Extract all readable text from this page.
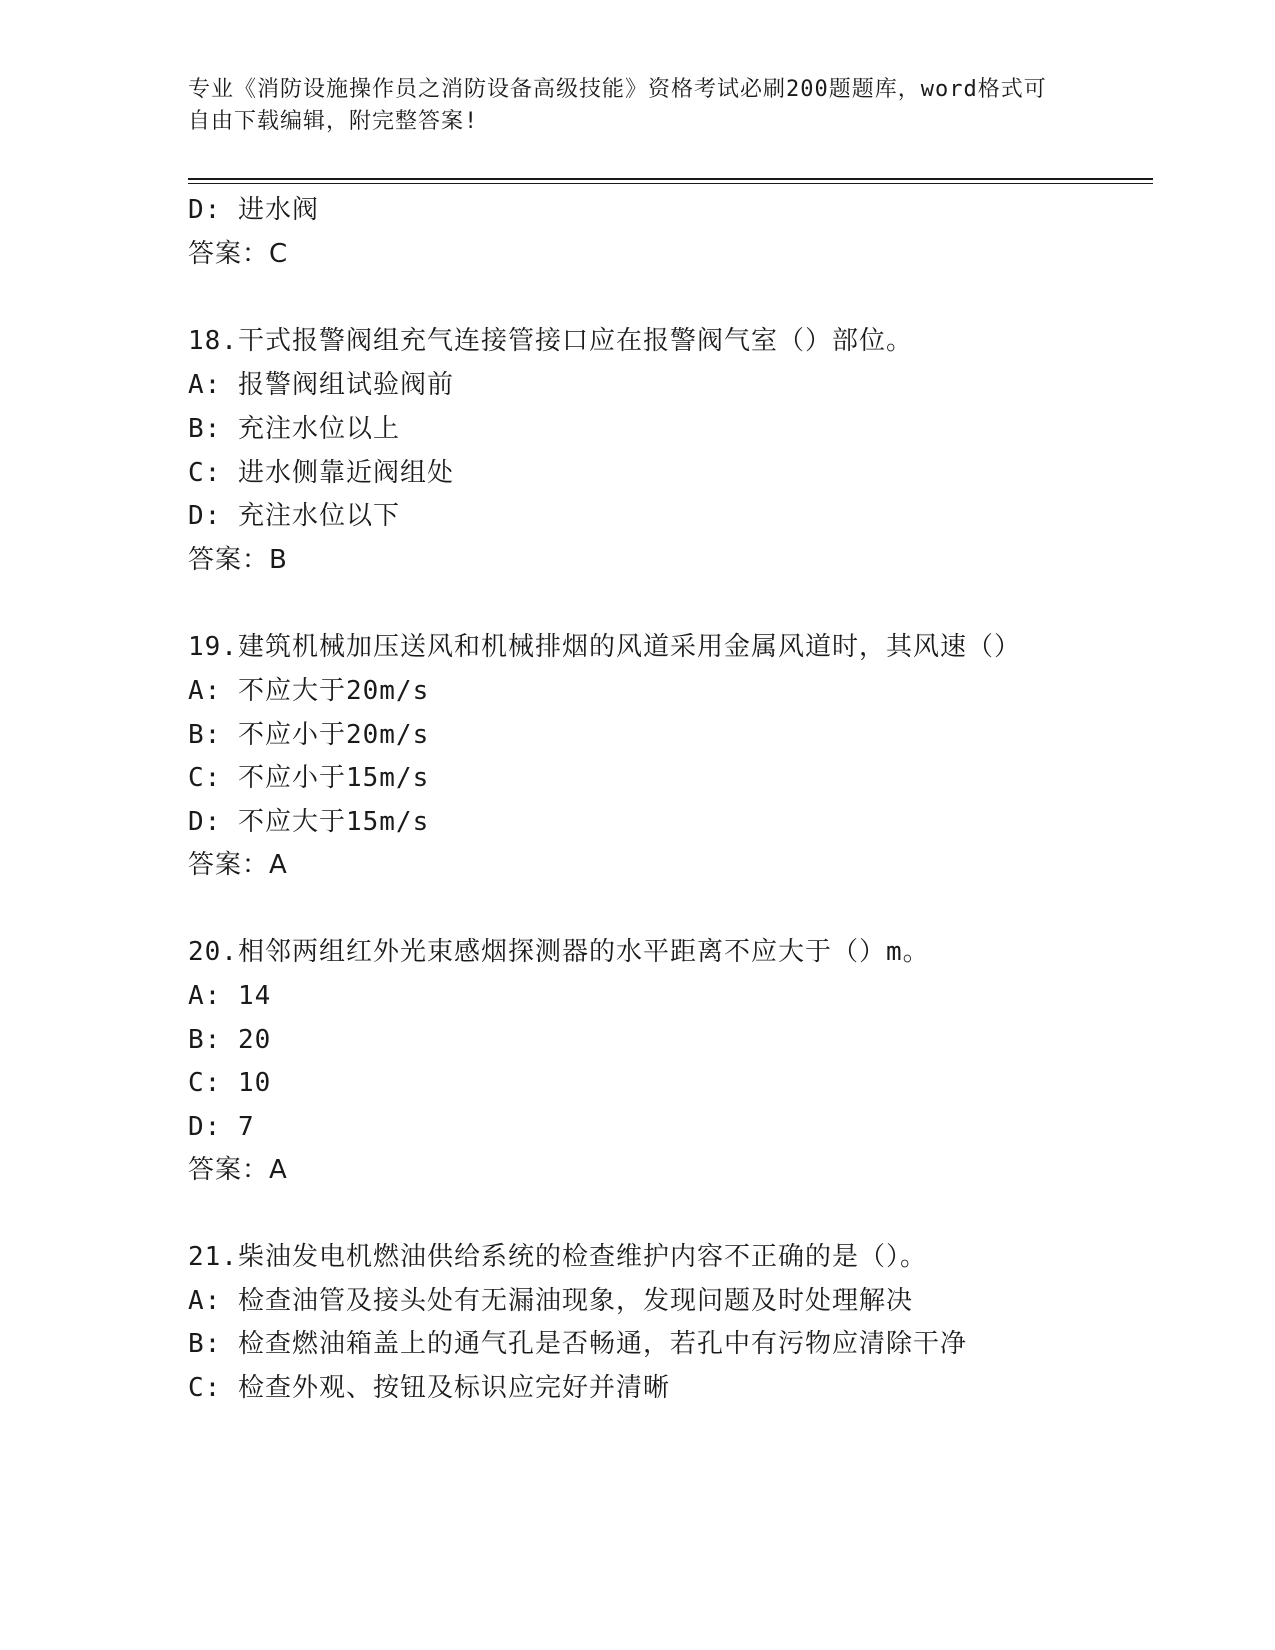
专业《消防设施操作员之消防设备高级技能》资格考试必刷200题题库，word格式可自由下载编辑，附完整答案!
D: 进水阀
答案：C
18.干式报警阀组充气连接管接口应在报警阀气室（）部位。
A: 报警阀组试验阀前
B: 充注水位以上
C: 进水侧靠近阀组处
D: 充注水位以下
答案：B
19.建筑机械加压送风和机械排烟的风道采用金属风道时，其风速（）
A: 不应大于20m/s
B: 不应小于20m/s
C: 不应小于15m/s
D: 不应大于15m/s
答案：A
20.相邻两组红外光束感烟探测器的水平距离不应大于（）m。
A: 14
B: 20
C: 10
D: 7
答案：A
21.柴油发电机燃油供给系统的检查维护内容不正确的是（）。
A: 检查油管及接头处有无漏油现象，发现问题及时处理解决
B: 检查燃油箱盖上的通气孔是否畅通，若孔中有污物应清除干净
C: 检查外观、按钮及标识应完好并清晰
